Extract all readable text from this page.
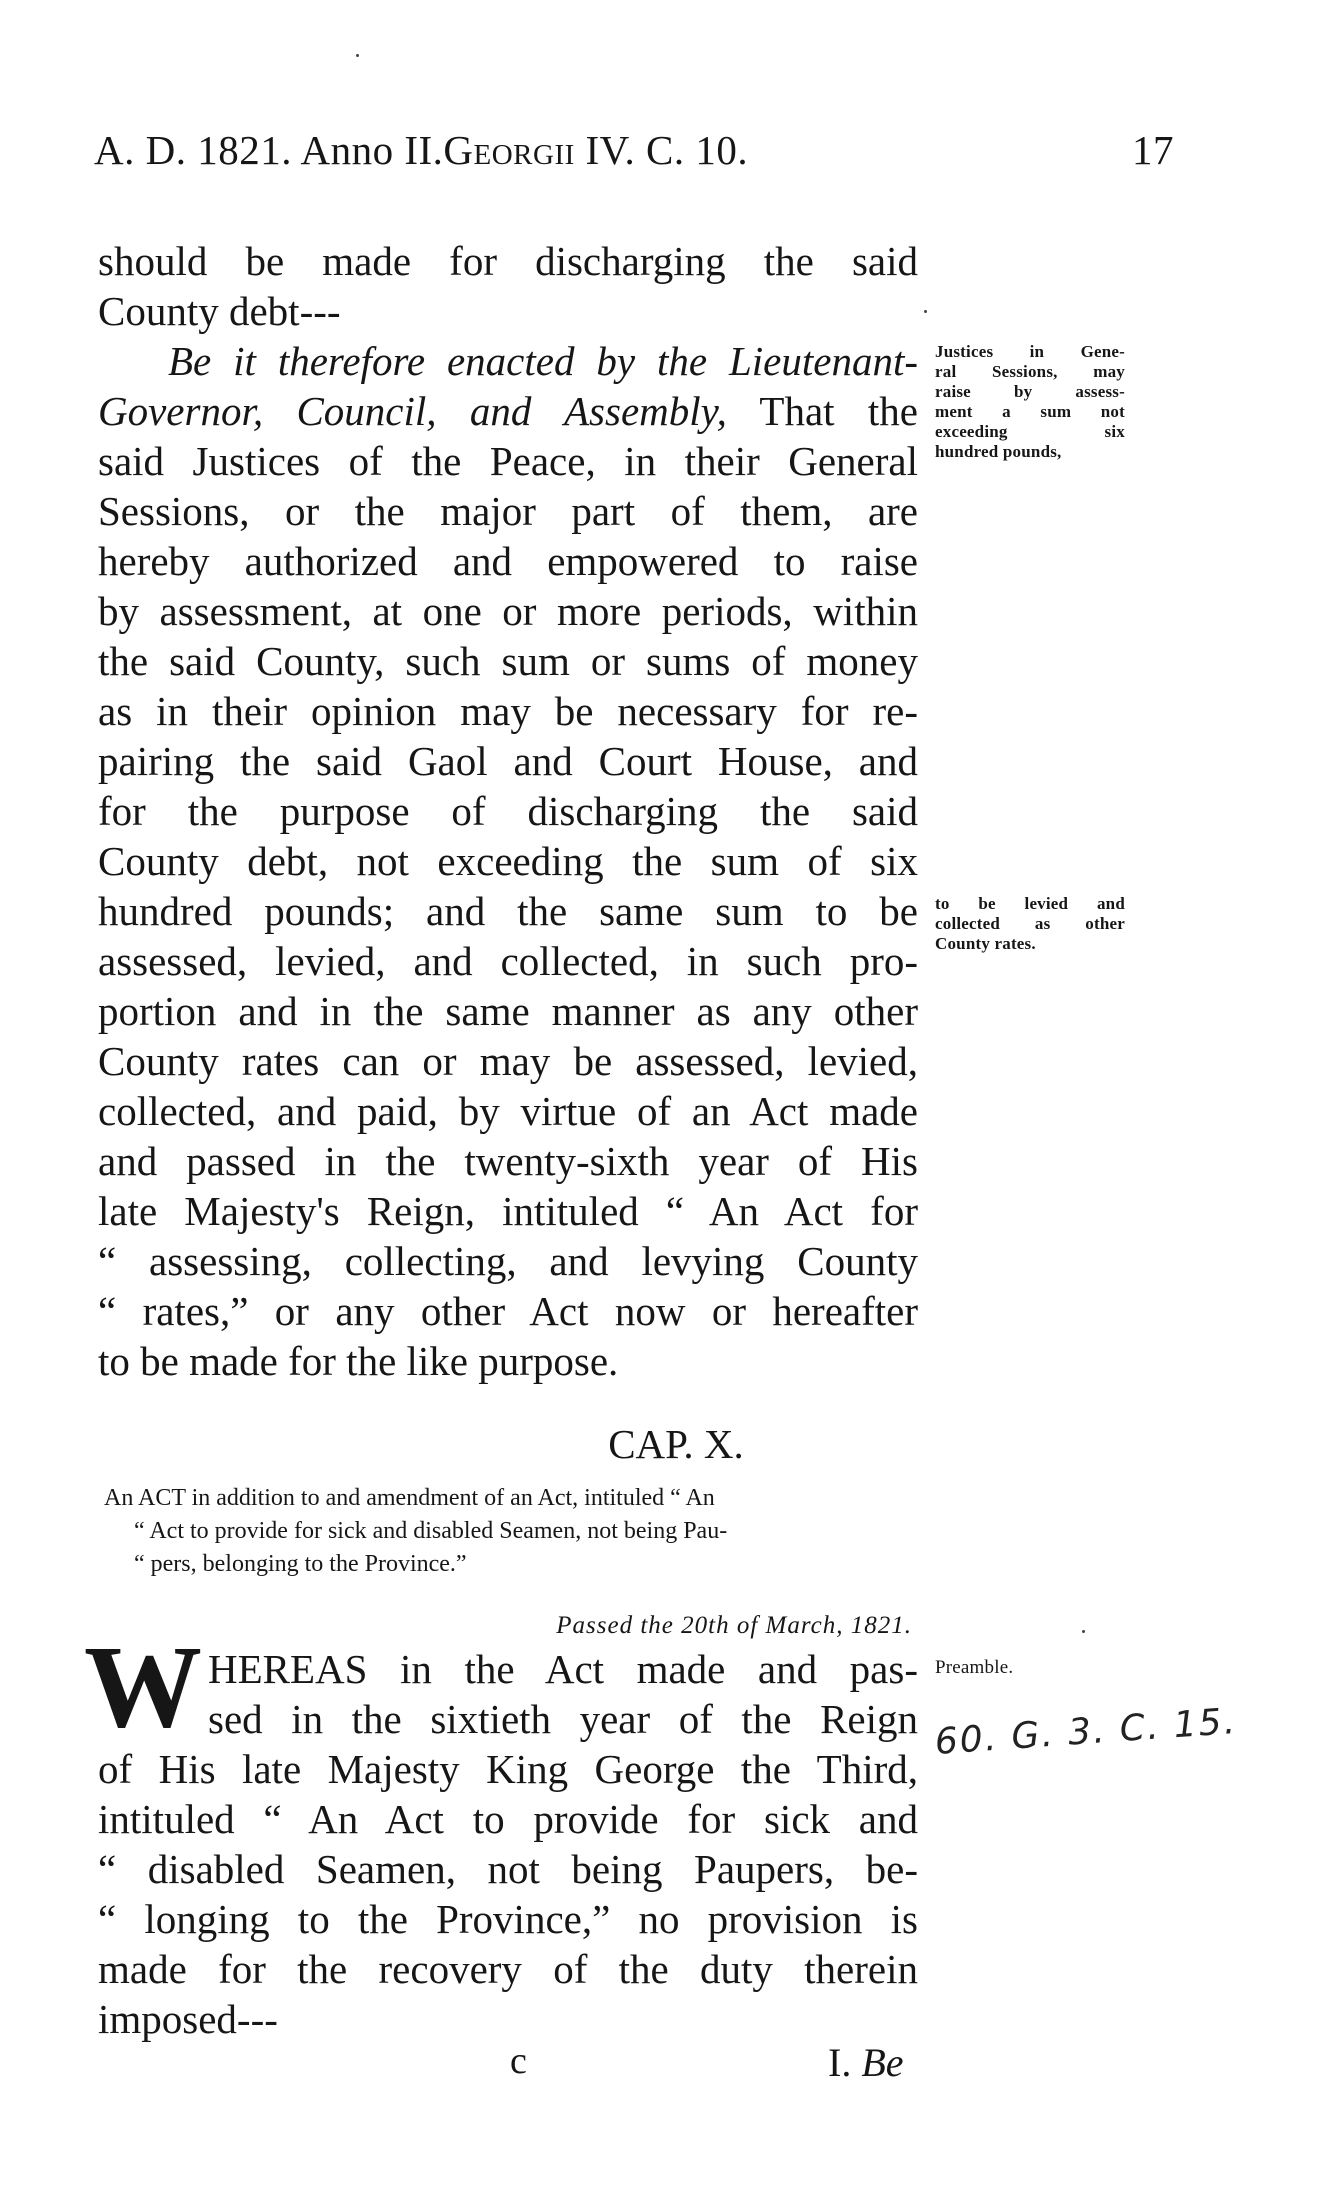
A. D. 1821. Anno II.Georgii IV. C. 10.	17
should be made for discharging the said
County debt---
Be it therefore enacted by the Lieutenant-
Governor, Council, and Assembly, That the
said Justices of the Peace, in their General
Sessions, or the major part of them, are
hereby authorized and empowered to raise
by assessment, at one or more periods, within
the said County, such sum or sums of money
as in their opinion may be necessary for re-
pairing the said Gaol and Court House, and
for the purpose of discharging the said
County debt, not exceeding the sum of six
hundred pounds; and the same sum to be
assessed, levied, and collected, in such pro-
portion and in the same manner as any other
County rates can or may be assessed, levied,
collected, and paid, by virtue of an Act made
and passed in the twenty-sixth year of His
late Majesty's Reign, intituled “ An Act for
“ assessing, collecting, and levying County
“ rates,” or any other Act now or hereafter
to be made for the like purpose.
Justices in Gene-
ral Sessions, may
raise by assess-
ment a sum not
exceeding six
hundred pounds,
to be levied and
collected as other
County rates.
CAP. X.
An ACT in addition to and amendment of an Act, intituled “ An
“ Act to provide for sick and disabled Seamen, not being Pau-
“ pers, belonging to the Province.”
Passed the 20th of March, 1821.
W HEREAS in the Act made and pas-
sed in the sixtieth year of the Reign
of His late Majesty King George the Third,
intituled “ An Act to provide for sick and
“ disabled Seamen, not being Paupers, be-
“ longing to the Province,” no provision is
made for the recovery of the duty therein
imposed---
Preamble.
60. G. 3. C. 15.
c	I. Be
